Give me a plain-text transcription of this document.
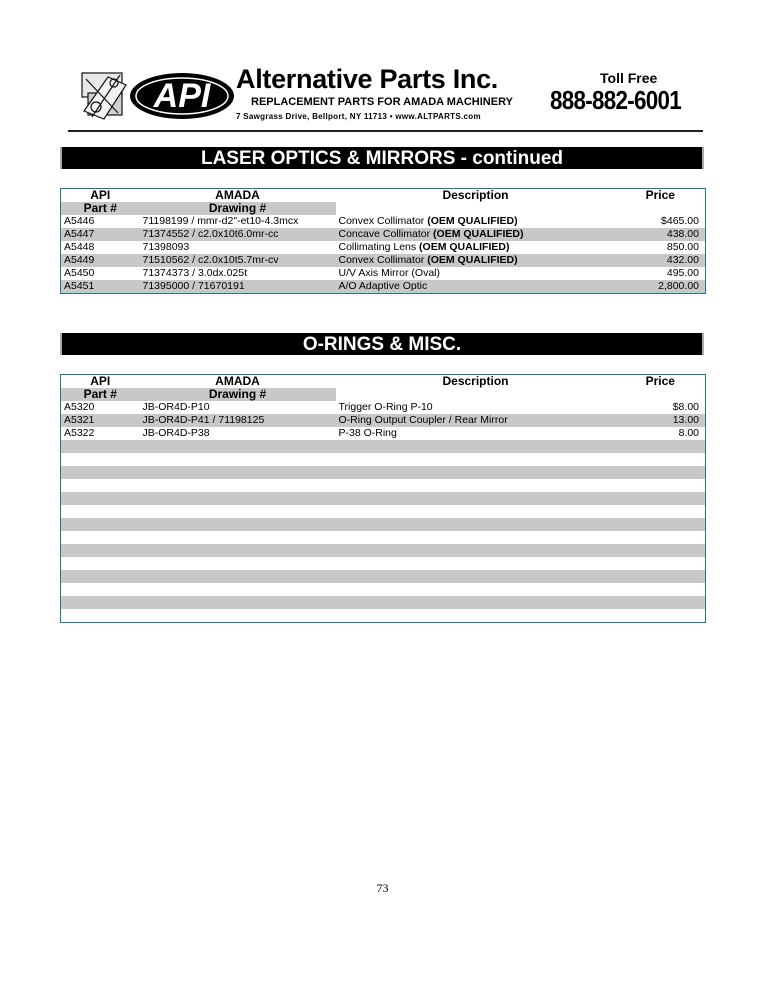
API Alternative Parts Inc.
REPLACEMENT PARTS FOR AMADA MACHINERY
7 Sawgrass Drive, Bellport, NY 11713 • www.ALTPARTS.com
Toll Free
888-882-6001
LASER OPTICS & MIRRORS - continued
API	AMADA	Description	Price
Part #	Drawing #		
A5446	71198199 / mmr-d2"-et10-4.3mcx	Convex Collimator (OEM QUALIFIED)	$465.00
A5447	71374552 / c2.0x10t6.0mr-cc	Concave Collimator (OEM QUALIFIED)	438.00
A5448	71398093	Collimating Lens (OEM QUALIFIED)	850.00
A5449	71510562 / c2.0x10t5.7mr-cv	Convex Collimator (OEM QUALIFIED)	432.00
A5450	71374373 / 3.0dx.025t	U/V Axis Mirror (Oval)	495.00
A5451	71395000 / 71670191	A/O Adaptive Optic	2,800.00
O-RINGS & MISC.
API	AMADA	Description	Price
Part #	Drawing #		
A5320	JB-OR4D-P10	Trigger O-Ring P-10	$8.00
A5321	JB-OR4D-P41 / 71198125	O-Ring Output Coupler / Rear Mirror	13.00
A5322	JB-OR4D-P38	P-38 O-Ring	8.00

73
